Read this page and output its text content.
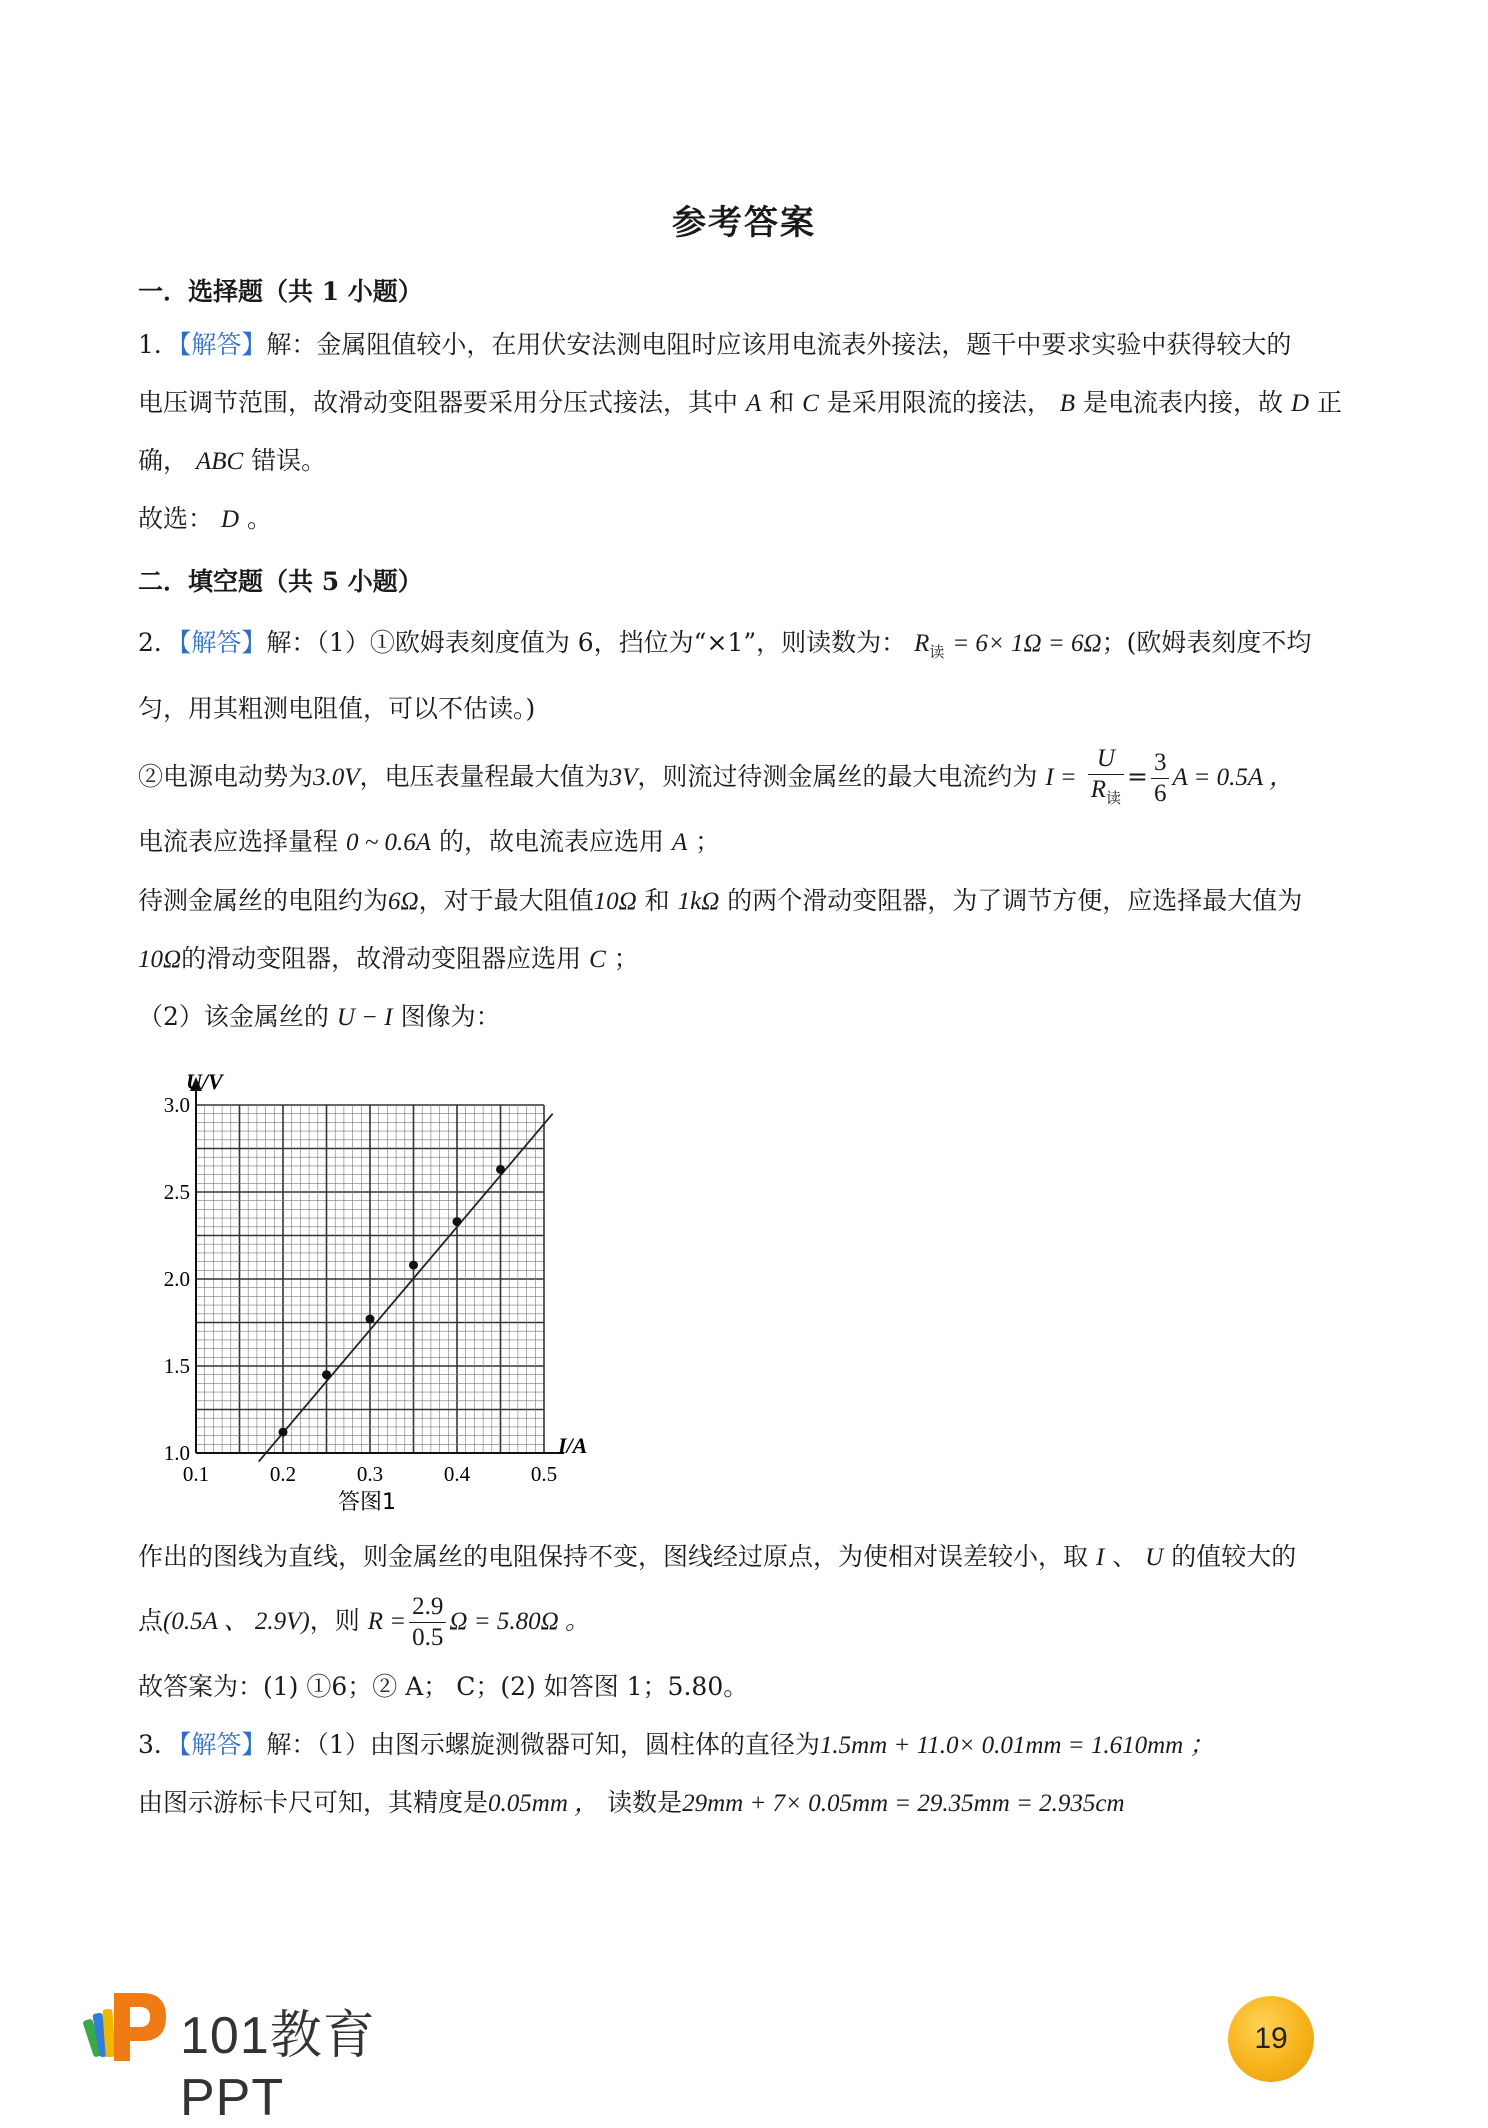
参考答案
一．选择题（共 1 小题）
1．【解答】解：金属阻值较小，在用伏安法测电阻时应该用电流表外接法，题干中要求实验中获得较大的
电压调节范围，故滑动变阻器要采用分压式接法，其中 A 和 C 是采用限流的接法， B 是电流表内接，故 D 正
确， ABC 错误。
故选： D 。
二．填空题（共 5 小题）
2．【解答】解：（1）①欧姆表刻度值为 6，挡位为“×1”，则读数为： $R_读 = 6\times 1\Omega = 6\Omega$；(欧姆表刻度不均
匀，用其粗测电阻值，可以不估读。)
②电源电动势为3.0V，电压表量程最大值为3V，则流过待测金属丝的最大电流约为 $I = \frac{U}{R_读} = \frac{3}{6}$ A = 0.5A ，
电流表应选择量程 0 ~ 0.6A 的，故电流表应选用 A ；
待测金属丝的电阻约为6Ω，对于最大阻值10Ω 和 1kΩ 的两个滑动变阻器，为了调节方便，应选择最大值为
10Ω的滑动变阻器，故滑动变阻器应选用 C ；
（2）该金属丝的 U − I 图像为：
0.1	0.2	0.3	0.4	0.5
1.0
1.5
2.0
2.5
3.0
U/V
I/A
答图1
作出的图线为直线，则金属丝的电阻保持不变，图线经过原点，为使相对误差较小，取 I 、 U 的值较大的
点(0.5A 、 2.9V)，则 $R = \frac{2.9}{0.5}$ Ω = 5.80Ω 。
故答案为：(1) ①6；② A； C；(2) 如答图 1；5.80。
3．【解答】解：（1）由图示螺旋测微器可知，圆柱体的直径为1.5mm + 11.0× 0.01mm = 1.610mm ；
由图示游标卡尺可知，其精度是0.05mm ， 读数是29mm + 7× 0.05mm = 29.35mm = 2.935cm
101教育PPT
19
